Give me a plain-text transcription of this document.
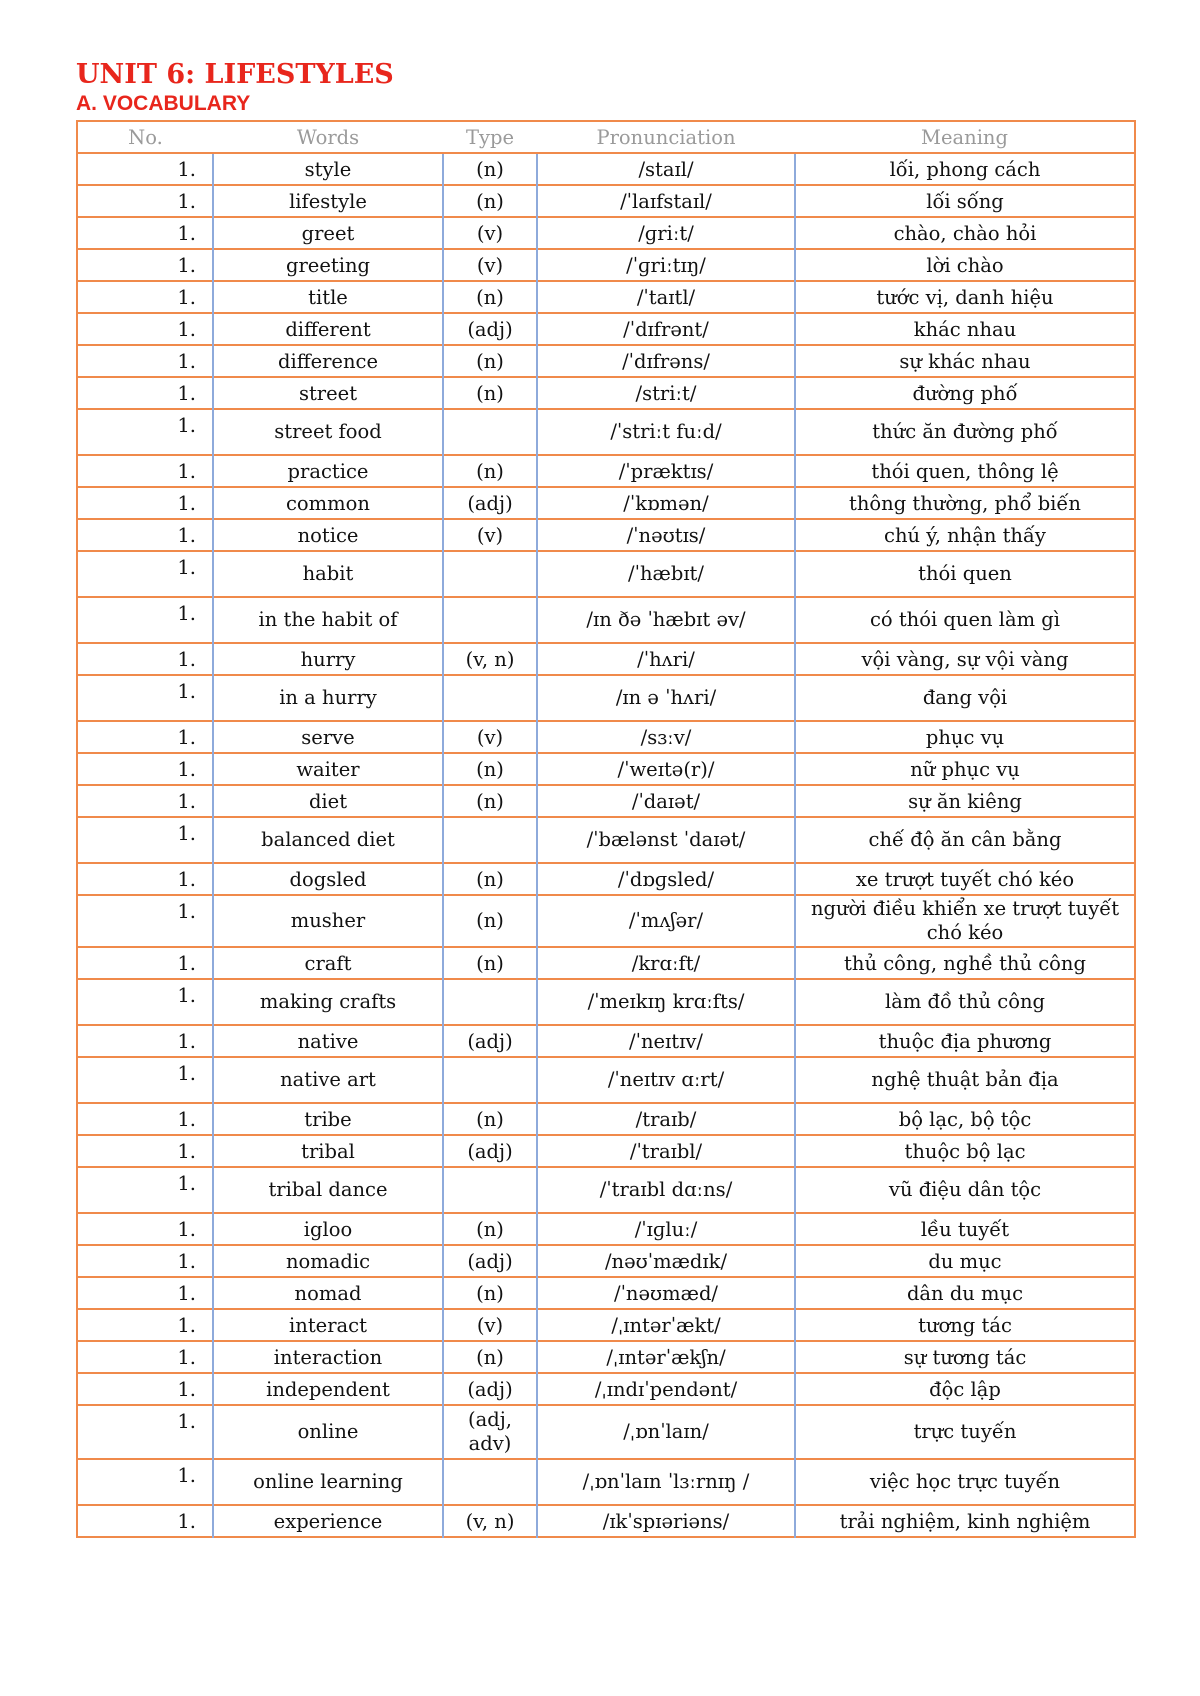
UNIT 6: LIFESTYLES
A. VOCABULARY
No.	Words	Type	Pronunciation	Meaning
1.	style	(n)	/staɪl/	lối, phong cách
1.	lifestyle	(n)	/ˈlaɪfstaɪl/	lối sống
1.	greet	(v)	/ɡriːt/	chào, chào hỏi
1.	greeting	(v)	/ˈɡriːtɪŋ/	lời chào
1.	title	(n)	/ˈtaɪtl/	tước vị, danh hiệu
1.	different	(adj)	/ˈdɪfrənt/	khác nhau
1.	difference	(n)	/ˈdɪfrəns/	sự khác nhau
1.	street	(n)	/striːt/	đường phố
1.	street food		/ˈstriːt fuːd/	thức ăn đường phố
1.	practice	(n)	/ˈpræktɪs/	thói quen, thông lệ
1.	common	(adj)	/ˈkɒmən/	thông thường, phổ biến
1.	notice	(v)	/ˈnəʊtɪs/	chú ý, nhận thấy
1.	habit		/ˈhæbɪt/	thói quen
1.	in the habit of		/ɪn ðə ˈhæbɪt əv/	có thói quen làm gì
1.	hurry	(v, n)	/ˈhʌri/	vội vàng, sự vội vàng
1.	in a hurry		/ɪn ə ˈhʌri/	đang vội
1.	serve	(v)	/sɜːv/	phục vụ
1.	waiter	(n)	/ˈweɪtə(r)/	nữ phục vụ
1.	diet	(n)	/ˈdaɪət/	sự ăn kiêng
1.	balanced diet		/ˈbælənst ˈdaɪət/	chế độ ăn cân bằng
1.	dogsled	(n)	/ˈdɒɡsled/	xe trượt tuyết chó kéo
1.	musher	(n)	/ˈmʌʃər/	người điều khiển xe trượt tuyết chó kéo
1.	craft	(n)	/krɑːft/	thủ công, nghề thủ công
1.	making crafts		/ˈmeɪkɪŋ krɑːfts/	làm đồ thủ công
1.	native	(adj)	/ˈneɪtɪv/	thuộc địa phương
1.	native art		/ˈneɪtɪv ɑːrt/	nghệ thuật bản địa
1.	tribe	(n)	/traɪb/	bộ lạc, bộ tộc
1.	tribal	(adj)	/ˈtraɪbl/	thuộc bộ lạc
1.	tribal dance		/ˈtraɪbl dɑːns/	vũ điệu dân tộc
1.	igloo	(n)	/ˈɪɡluː/	lều tuyết
1.	nomadic	(adj)	/nəʊˈmædɪk/	du mục
1.	nomad	(n)	/ˈnəʊmæd/	dân du mục
1.	interact	(v)	/ˌɪntərˈækt/	tương tác
1.	interaction	(n)	/ˌɪntərˈækʃn/	sự tương tác
1.	independent	(adj)	/ˌɪndɪˈpendənt/	độc lập
1.	online	(adj, adv)	/ˌɒnˈlaɪn/	trực tuyến
1.	online learning		/ˌɒnˈlaɪn ˈlɜːrnɪŋ /	việc học trực tuyến
1.	experience	(v, n)	/ɪkˈspɪəriəns/	trải nghiệm, kinh nghiệm
